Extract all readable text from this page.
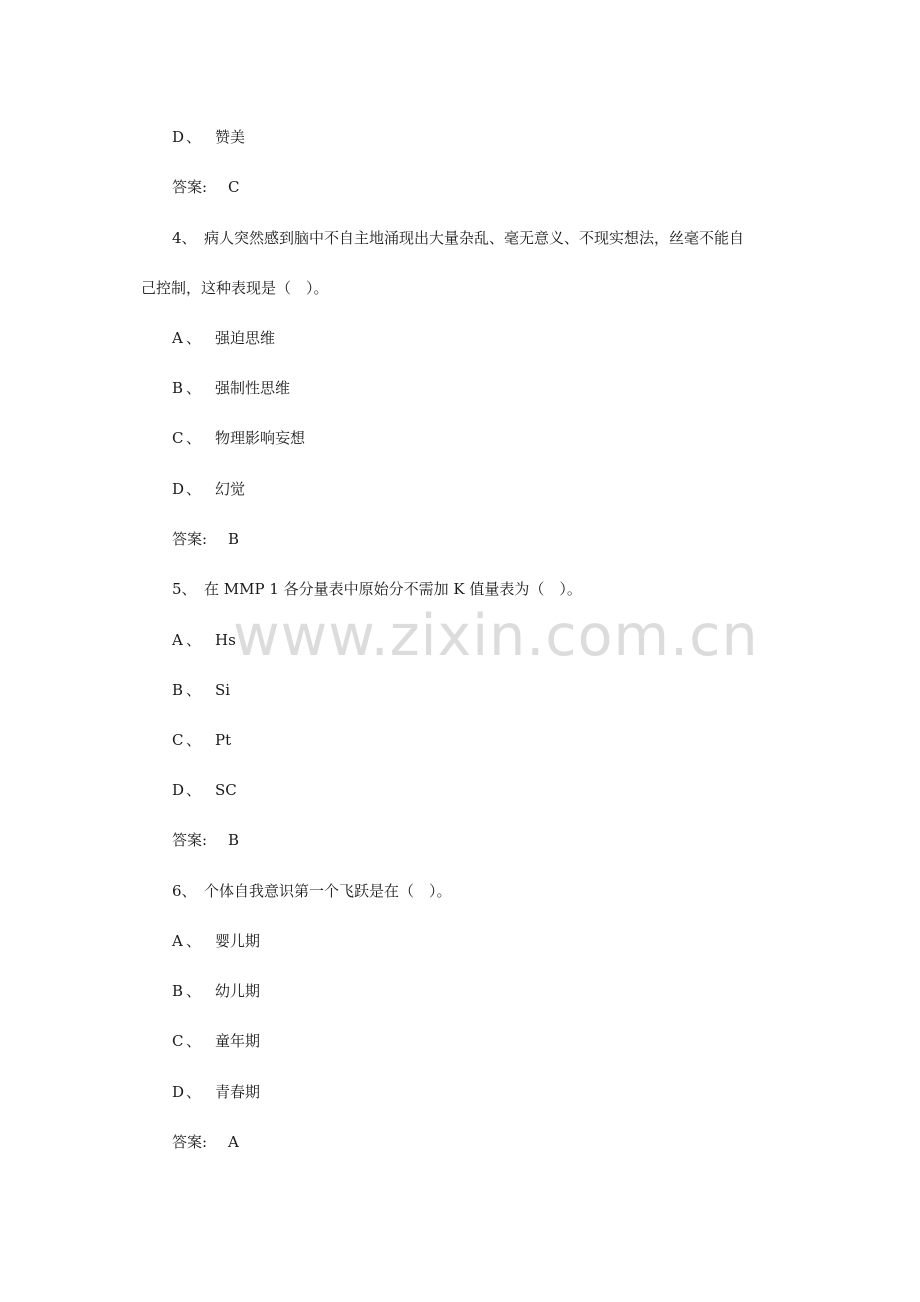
D 、 赞美
答案: C
4、 病人突然感到脑中不自主地涌现出大量杂乱、毫无意义、不现实想法，丝毫不能自
己控制，这种表现是（　）。
A 、 强迫思维
B 、 强制性思维
C 、 物理影响妄想
D 、 幻觉
答案: B
5、 在 MMP 1 各分量表中原始分不需加 K 值量表为（　）。
A 、 Hs
B 、 Si
C 、 Pt
D 、 SC
答案: B
6、 个体自我意识第一个飞跃是在（　）。
A 、 婴儿期
B 、 幼儿期
C 、 童年期
D 、 青春期
答案: A
www.zixin.com.cn
